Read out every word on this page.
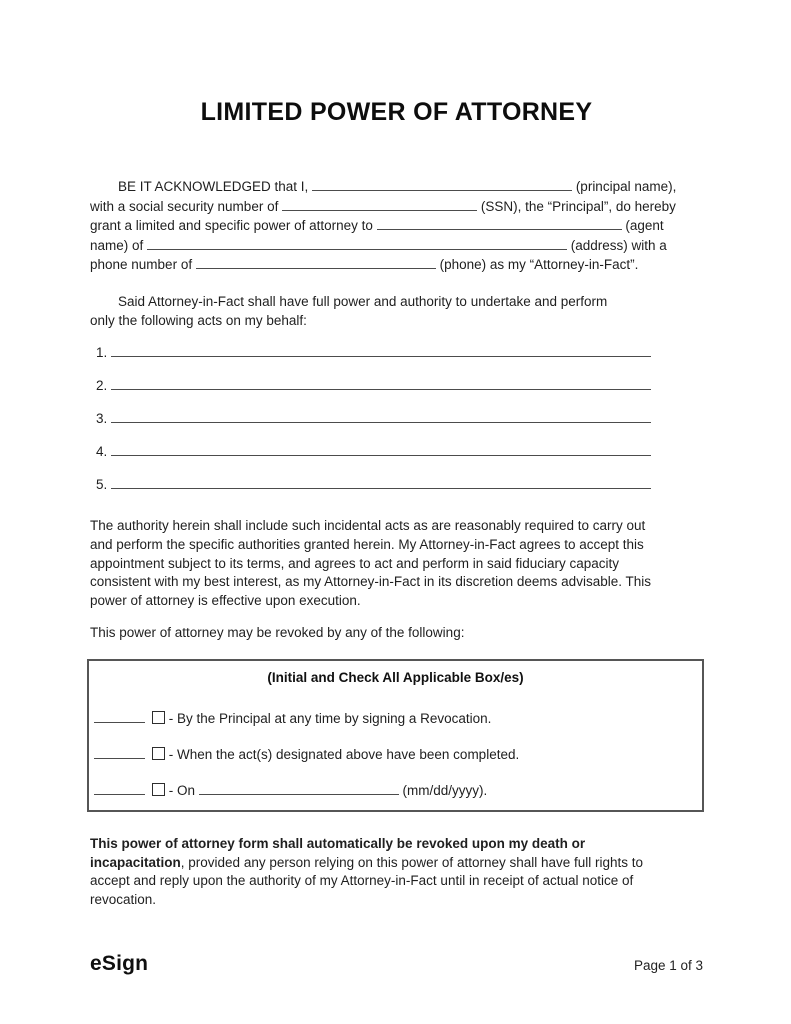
LIMITED POWER OF ATTORNEY
BE IT ACKNOWLEDGED that I,	(principal name),
with a social security number of	(SSN), the “Principal”, do hereby
grant a limited and specific power of attorney to	(agent
name) of	(address) with a
phone number of	(phone) as my “Attorney-in-Fact”.
Said Attorney-in-Fact shall have full power and authority to undertake and perform
only the following acts on my behalf:
1.
2.
3.
4.
5.
The authority herein shall include such incidental acts as are reasonably required to carry out
and perform the specific authorities granted herein. My Attorney-in-Fact agrees to accept this
appointment subject to its terms, and agrees to act and perform in said fiduciary capacity
consistent with my best interest, as my Attorney-in-Fact in its discretion deems advisable. This
power of attorney is effective upon execution.
This power of attorney may be revoked by any of the following:
(Initial and Check All Applicable Box/es)
- By the Principal at any time by signing a Revocation.
- When the act(s) designated above have been completed.
- On	(mm/dd/yyyy).
This power of attorney form shall automatically be revoked upon my death or
incapacitation, provided any person relying on this power of attorney shall have full rights to
accept and reply upon the authority of my Attorney-in-Fact until in receipt of actual notice of
revocation.
eSign	Page 1 of 3
